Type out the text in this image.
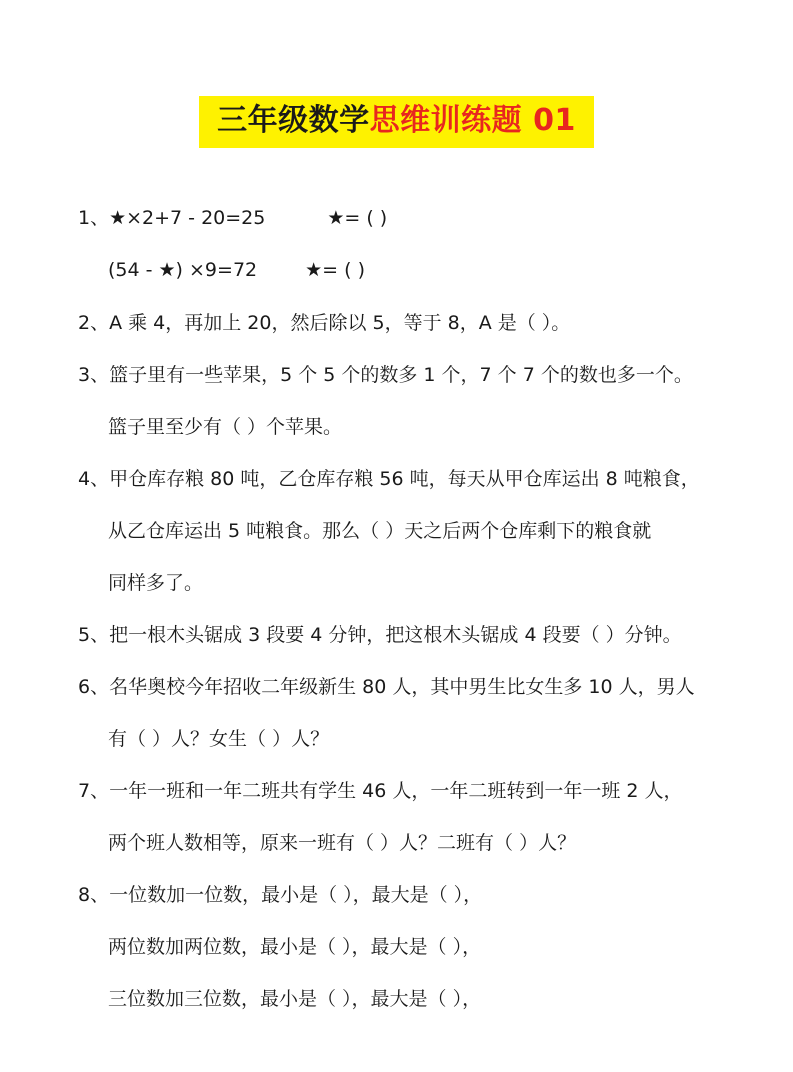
三年级数学思维训练题 01
1、★×2+7 - 20=25	★= ( )
(54 - ★) ×9=72	★= ( )
2、A 乘 4，再加上 20，然后除以 5，等于 8，A 是（ ）。
3、篮子里有一些苹果，5 个 5 个的数多 1 个，7 个 7 个的数也多一个。
篮子里至少有（ ）个苹果。
4、甲仓库存粮 80 吨，乙仓库存粮 56 吨，每天从甲仓库运出 8 吨粮食，
从乙仓库运出 5 吨粮食。那么（ ）天之后两个仓库剩下的粮食就
同样多了。
5、把一根木头锯成 3 段要 4 分钟，把这根木头锯成 4 段要（ ）分钟。
6、名华奥校今年招收二年级新生 80 人，其中男生比女生多 10 人，男人
有（ ）人？女生（ ）人？
7、一年一班和一年二班共有学生 46 人，一年二班转到一年一班 2 人，
两个班人数相等，原来一班有（ ）人？二班有（ ）人？
8、一位数加一位数，最小是（ ），最大是（ ），
两位数加两位数，最小是（ ），最大是（ ），
三位数加三位数，最小是（ ），最大是（ ），
